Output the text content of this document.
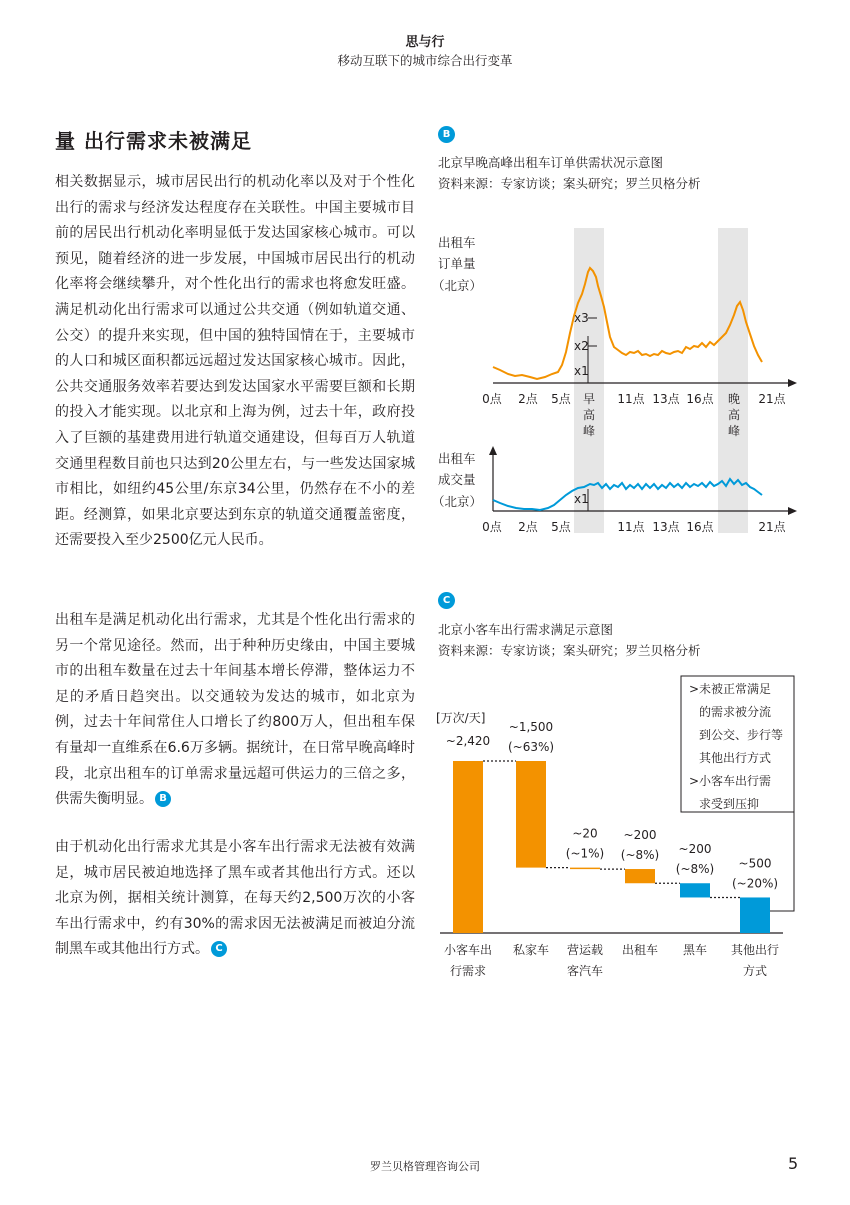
思与行
移动互联下的城市综合出行变革
量 出行需求未被满足

相关数据显示，城市居民出行的机动化率以及对于个性化出行的需求与经济发达程度存在关联性。中国主要城市目前的居民出行机动化率明显低于发达国家核心城市。可以预见，随着经济的进一步发展，中国城市居民出行的机动化率将会继续攀升，对个性化出行的需求也将愈发旺盛。满足机动化出行需求可以通过公共交通（例如轨道交通、公交）的提升来实现，但中国的独特国情在于，主要城市的人口和城区面积都远远超过发达国家核心城市。因此，公共交通服务效率若要达到发达国家水平需要巨额和长期的投入才能实现。以北京和上海为例，过去十年，政府投入了巨额的基建费用进行轨道交通建设，但每百万人轨道交通里程数目前也只达到20公里左右，与一些发达国家城市相比，如纽约45公里/东京34公里，仍然存在不小的差距。经测算，如果北京要达到东京的轨道交通覆盖密度，还需要投入至少2500亿元人民币。

出租车是满足机动化出行需求，尤其是个性化出行需求的另一个常见途径。然而，出于种种历史缘由，中国主要城市的出租车数量在过去十年间基本增长停滞，整体运力不足的矛盾日趋突出。以交通较为发达的城市，如北京为例，过去十年间常住人口增长了约800万人，但出租车保有量却一直维系在6.6万多辆。据统计，在日常早晚高峰时段，北京出租车的订单需求量远超可供运力的三倍之多，供需失衡明显。 B

由于机动化出行需求尤其是小客车出行需求无法被有效满足，城市居民被迫地选择了黑车或者其他出行方式。还以北京为例，据相关统计测算，在每天约2,500万次的小客车出行需求中，约有30%的需求因无法被满足而被迫分流制黑车或其他出行方式。 C

B
北京早晚高峰出租车订单供需状况示意图
资料来源：专家访谈；案头研究；罗兰贝格分析
C
北京小客车出行需求满足示意图
资料来源：专家访谈；案头研究；罗兰贝格分析
出租车
订单量
（北京）
x3
x2
x1
0点 2点 5点	11点 13点 16点	21点
早
高
峰
晚
高
峰
出租车
成交量
（北京）	x1
0点 2点 5点	11点 13点 16点	21点
>未被正常满足
的需求被分流
到公交、步行等
其他出行方式
>小客车出行需
求受到压抑
[万次/天]
~2,420
小客车出
行需求
(~63%)
~1,500
私家车
(~1%)
~20
营运载
客汽车
(~8%)
~200
出租车
(~8%)
~200
黑车
(~20%)
~500
其他出行
方式
罗兰贝格管理咨询公司	5
